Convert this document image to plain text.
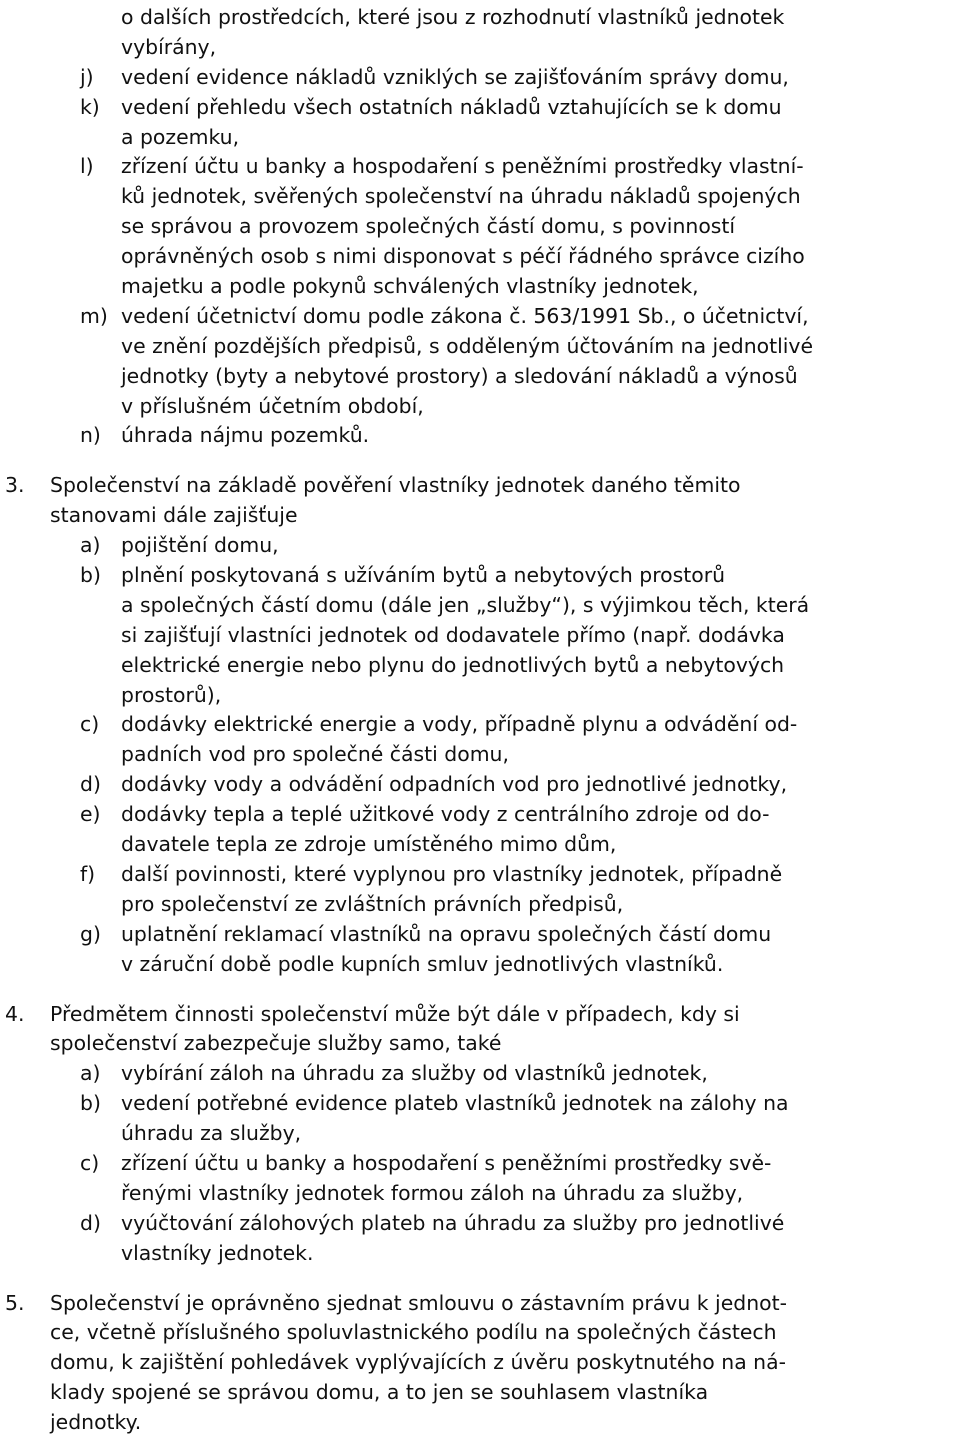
o dalších prostředcích, které jsou z rozhodnutí vlastníků jednotek
vybírány,
j) vedení evidence nákladů vzniklých se zajišťováním správy domu,
k) vedení přehledu všech ostatních nákladů vztahujících se k domu
a pozemku,
l) zřízení účtu u banky a hospodaření s peněžními prostředky vlastní-
ků jednotek, svěřených společenství na úhradu nákladů spojených
se správou a provozem společných částí domu, s povinností
oprávněných osob s nimi disponovat s péčí řádného správce cizího
majetku a podle pokynů schválených vlastníky jednotek,
m) vedení účetnictví domu podle zákona č. 563/1991 Sb., o účetnictví,
ve znění pozdějších předpisů, s odděleným účtováním na jednotlivé
jednotky (byty a nebytové prostory) a sledování nákladů a výnosů
v příslušném účetním období,
n) úhrada nájmu pozemků.
3. Společenství na základě pověření vlastníky jednotek daného těmito
stanovami dále zajišťuje
a) pojištění domu,
b) plnění poskytovaná s užíváním bytů a nebytových prostorů
a společných částí domu (dále jen „služby“), s výjimkou těch, která
si zajišťují vlastníci jednotek od dodavatele přímo (např. dodávka
elektrické energie nebo plynu do jednotlivých bytů a nebytových
prostorů),
c) dodávky elektrické energie a vody, případně plynu a odvádění od-
padních vod pro společné části domu,
d) dodávky vody a odvádění odpadních vod pro jednotlivé jednotky,
e) dodávky tepla a teplé užitkové vody z centrálního zdroje od do-
davatele tepla ze zdroje umístěného mimo dům,
f) další povinnosti, které vyplynou pro vlastníky jednotek, případně
pro společenství ze zvláštních právních předpisů,
g) uplatnění reklamací vlastníků na opravu společných částí domu
v záruční době podle kupních smluv jednotlivých vlastníků.
4. Předmětem činnosti společenství může být dále v případech, kdy si
společenství zabezpečuje služby samo, také
a) vybírání záloh na úhradu za služby od vlastníků jednotek,
b) vedení potřebné evidence plateb vlastníků jednotek na zálohy na
úhradu za služby,
c) zřízení účtu u banky a hospodaření s peněžními prostředky svě-
řenými vlastníky jednotek formou záloh na úhradu za služby,
d) vyúčtování zálohových plateb na úhradu za služby pro jednotlivé
vlastníky jednotek.
5. Společenství je oprávněno sjednat smlouvu o zástavním právu k jednot-
ce, včetně příslušného spoluvlastnického podílu na společných částech
domu, k zajištění pohledávek vyplývajících z úvěru poskytnutého na ná-
klady spojené se správou domu, a to jen se souhlasem vlastníka
jednotky.
